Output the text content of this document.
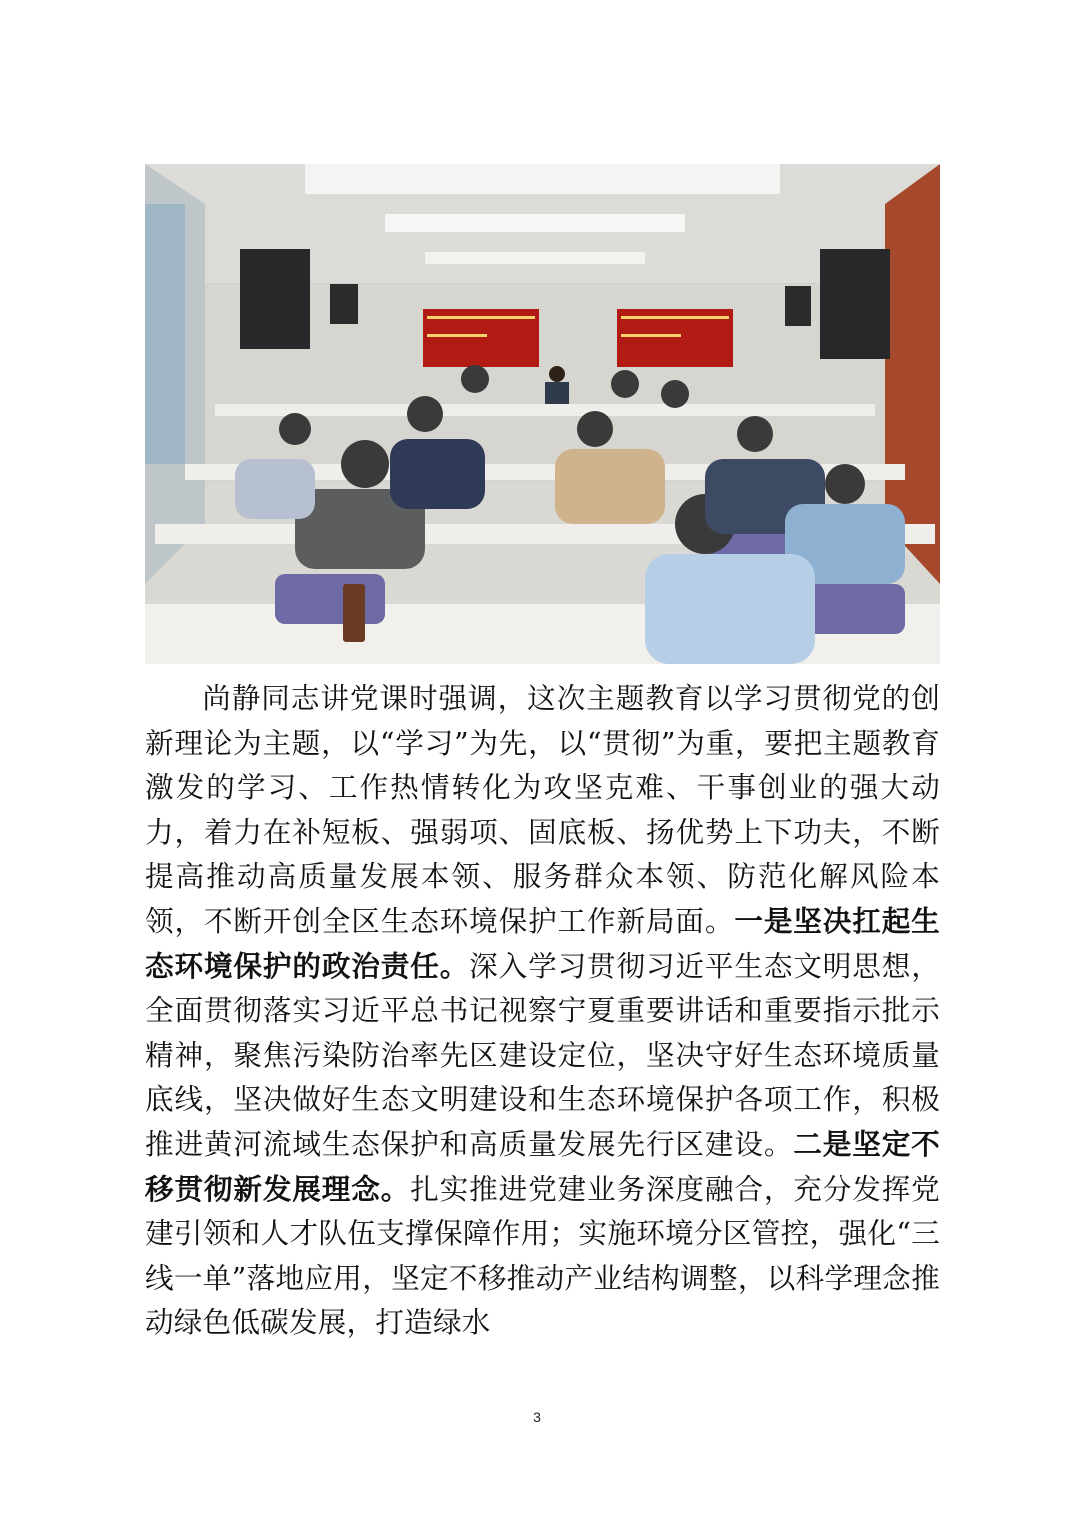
尚静同志讲党课时强调，这次主题教育以学习贯彻党的创新理论为主题，以“学习”为先，以“贯彻”为重，要把主题教育激发的学习、工作热情转化为攻坚克难、干事创业的强大动力，着力在补短板、强弱项、固底板、扬优势上下功夫，不断提高推动高质量发展本领、服务群众本领、防范化解风险本领，不断开创全区生态环境保护工作新局面。一是坚决扛起生态环境保护的政治责任。深入学习贯彻习近平生态文明思想，全面贯彻落实习近平总书记视察宁夏重要讲话和重要指示批示精神，聚焦污染防治率先区建设定位，坚决守好生态环境质量底线，坚决做好生态文明建设和生态环境保护各项工作，积极推进黄河流域生态保护和高质量发展先行区建设。二是坚定不移贯彻新发展理念。扎实推进党建业务深度融合，充分发挥党建引领和人才队伍支撑保障作用；实施环境分区管控，强化“三线一单”落地应用，坚定不移推动产业结构调整，以科学理念推动绿色低碳发展，打造绿水

3
